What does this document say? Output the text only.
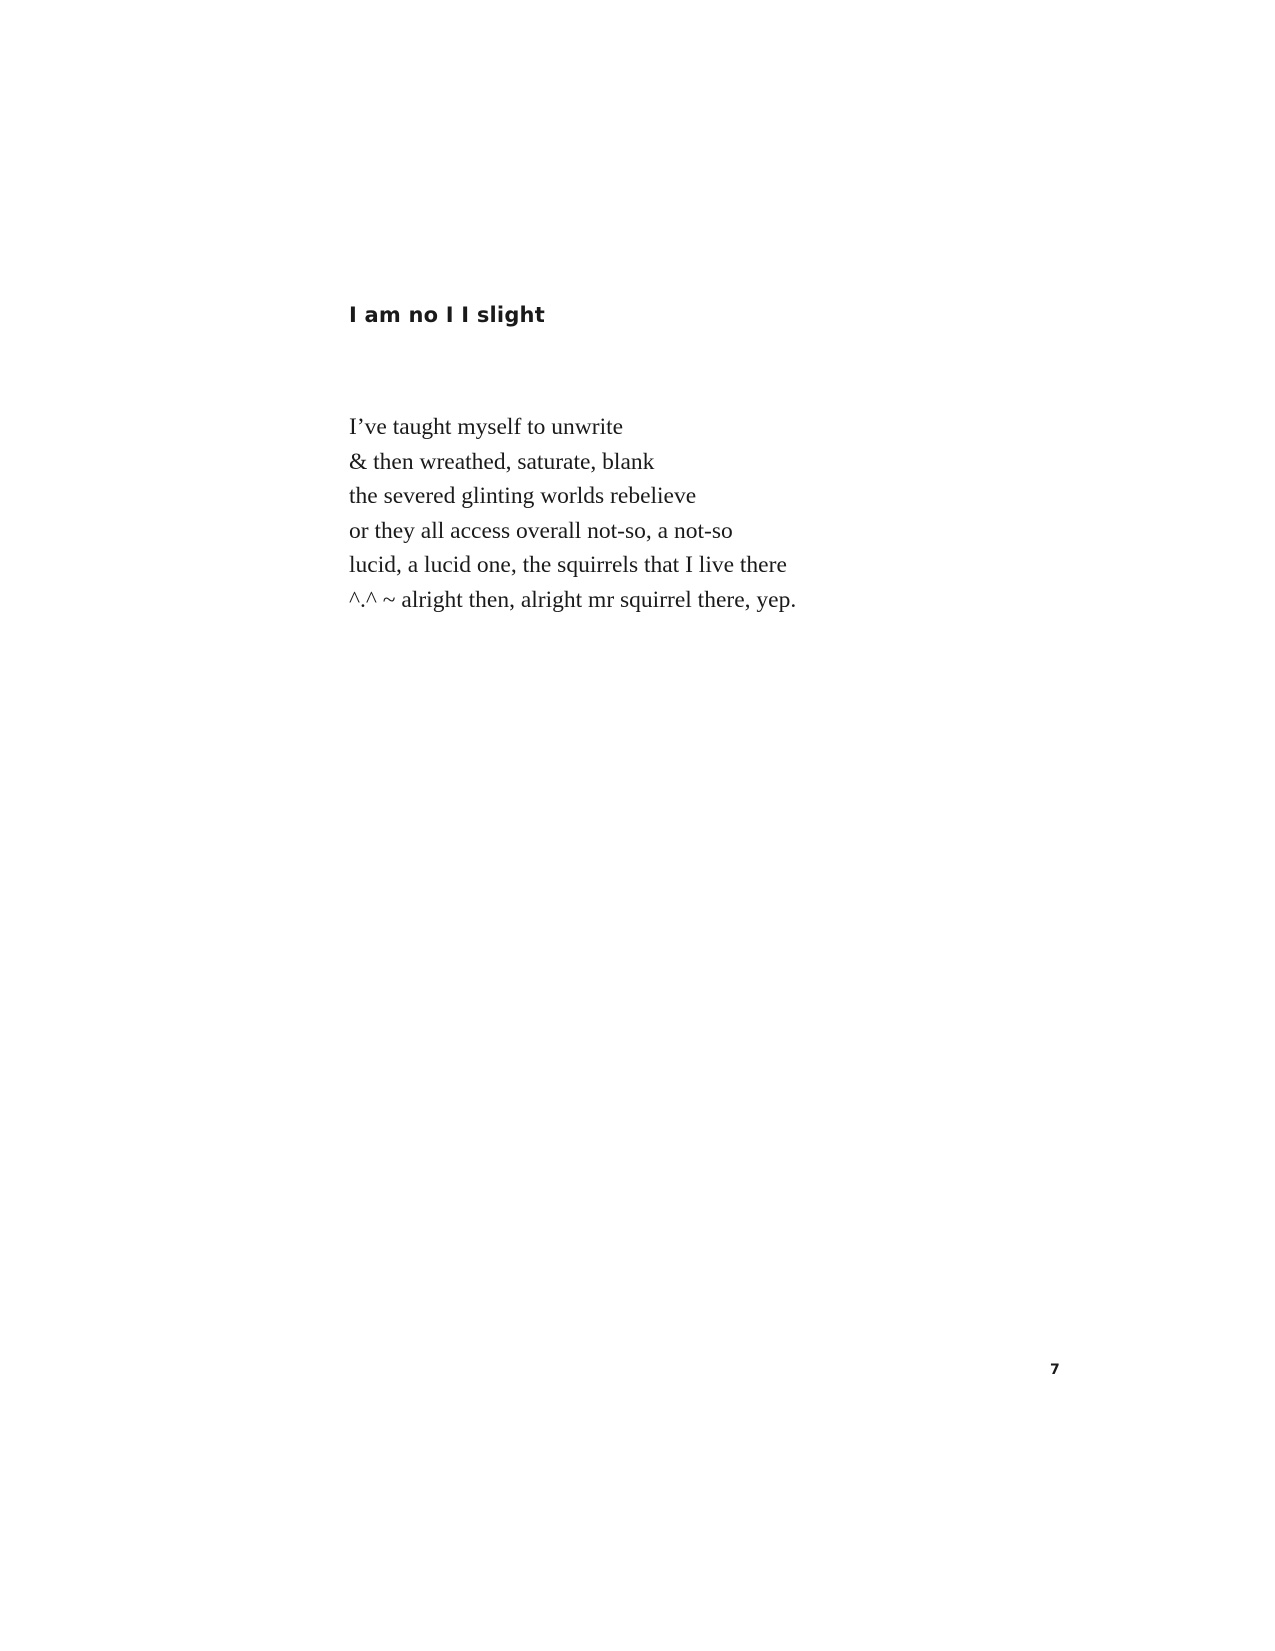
I am no I I slight
I’ve taught myself to unwrite
& then wreathed, saturate, blank
the severed glinting worlds rebelieve
or they all access overall not-so, a not-so
lucid, a lucid one, the squirrels that I live there
^.^ ~ alright then, alright mr squirrel there, yep.
7
